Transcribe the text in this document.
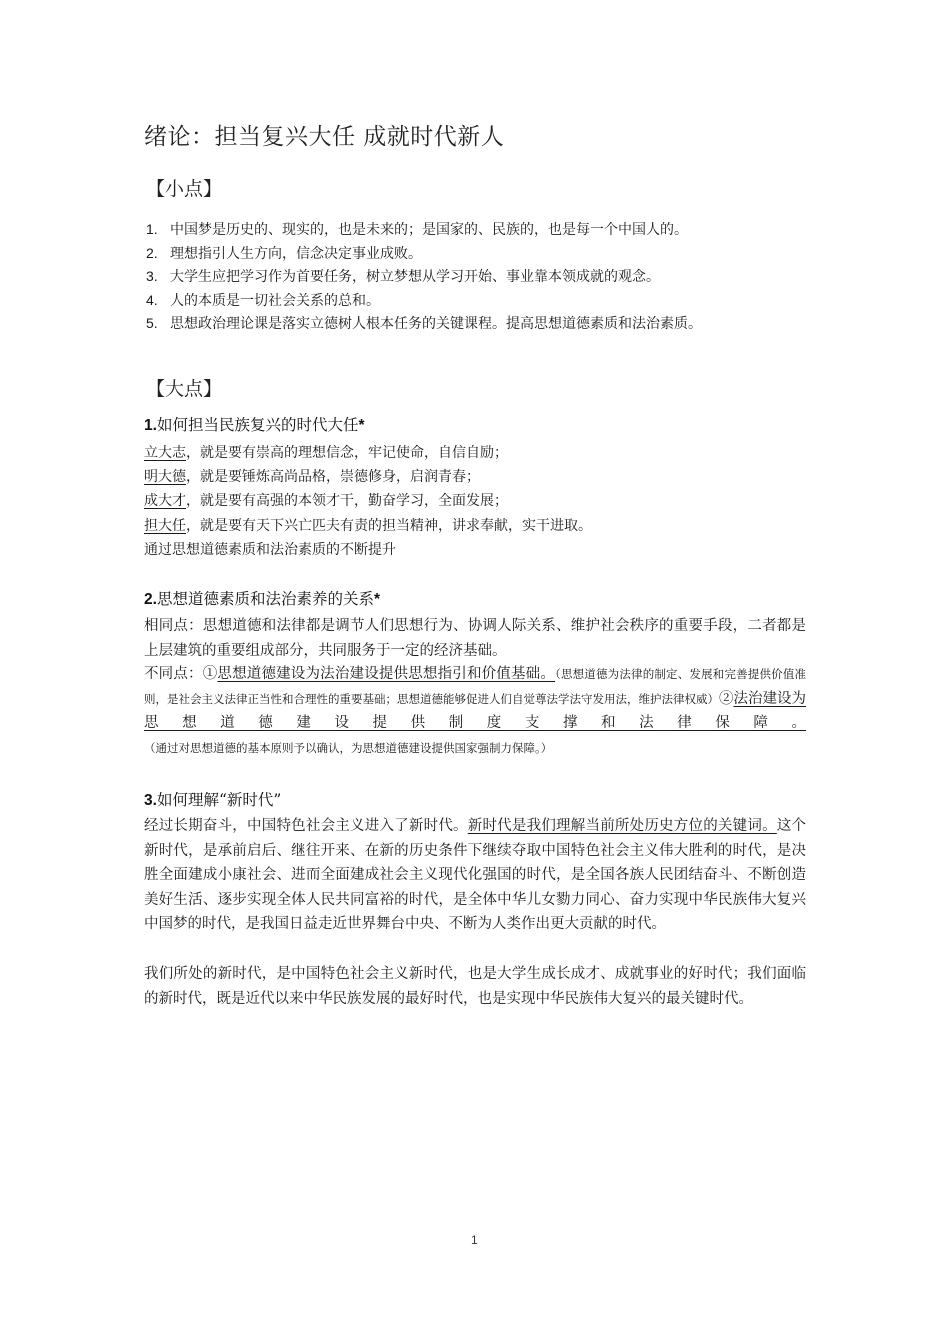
绪论：担当复兴大任 成就时代新人
【小点】
1. 中国梦是历史的、现实的，也是未来的；是国家的、民族的，也是每一个中国人的。
2. 理想指引人生方向，信念决定事业成败。
3. 大学生应把学习作为首要任务，树立梦想从学习开始、事业靠本领成就的观念。
4. 人的本质是一切社会关系的总和。
5. 思想政治理论课是落实立德树人根本任务的关键课程。提高思想道德素质和法治素质。
【大点】
1.如何担当民族复兴的时代大任*
立大志，就是要有崇高的理想信念，牢记使命，自信自励；
明大德，就是要锤炼高尚品格，崇德修身，启润青春；
成大才，就是要有高强的本领才干，勤奋学习，全面发展；
担大任，就是要有天下兴亡匹夫有责的担当精神，讲求奉献，实干进取。
通过思想道德素质和法治素质的不断提升
2.思想道德素质和法治素养的关系*
相同点：思想道德和法律都是调节人们思想行为、协调人际关系、维护社会秩序的重要手段，二者都是上层建筑的重要组成部分，共同服务于一定的经济基础。
不同点：①思想道德建设为法治建设提供思想指引和价值基础。（思想道德为法律的制定、发展和完善提供价值准则，是社会主义法律正当性和合理性的重要基础；思想道德能够促进人们自觉尊法学法守发用法，维护法律权威）②法治建设为思想道德建设提供制度支撑和法律保障。（通过对思想道德的基本原则予以确认，为思想道德建设提供国家强制力保障。）
3.如何理解“新时代”
经过长期奋斗，中国特色社会主义进入了新时代。新时代是我们理解当前所处历史方位的关键词。这个新时代，是承前启后、继往开来、在新的历史条件下继续夺取中国特色社会主义伟大胜利的时代，是决胜全面建成小康社会、进而全面建成社会主义现代化强国的时代，是全国各族人民团结奋斗、不断创造美好生活、逐步实现全体人民共同富裕的时代，是全体中华儿女勠力同心、奋力实现中华民族伟大复兴中国梦的时代，是我国日益走近世界舞台中央、不断为人类作出更大贡献的时代。
我们所处的新时代，是中国特色社会主义新时代，也是大学生成长成才、成就事业的好时代；我们面临的新时代，既是近代以来中华民族发展的最好时代，也是实现中华民族伟大复兴的最关键时代。
1
